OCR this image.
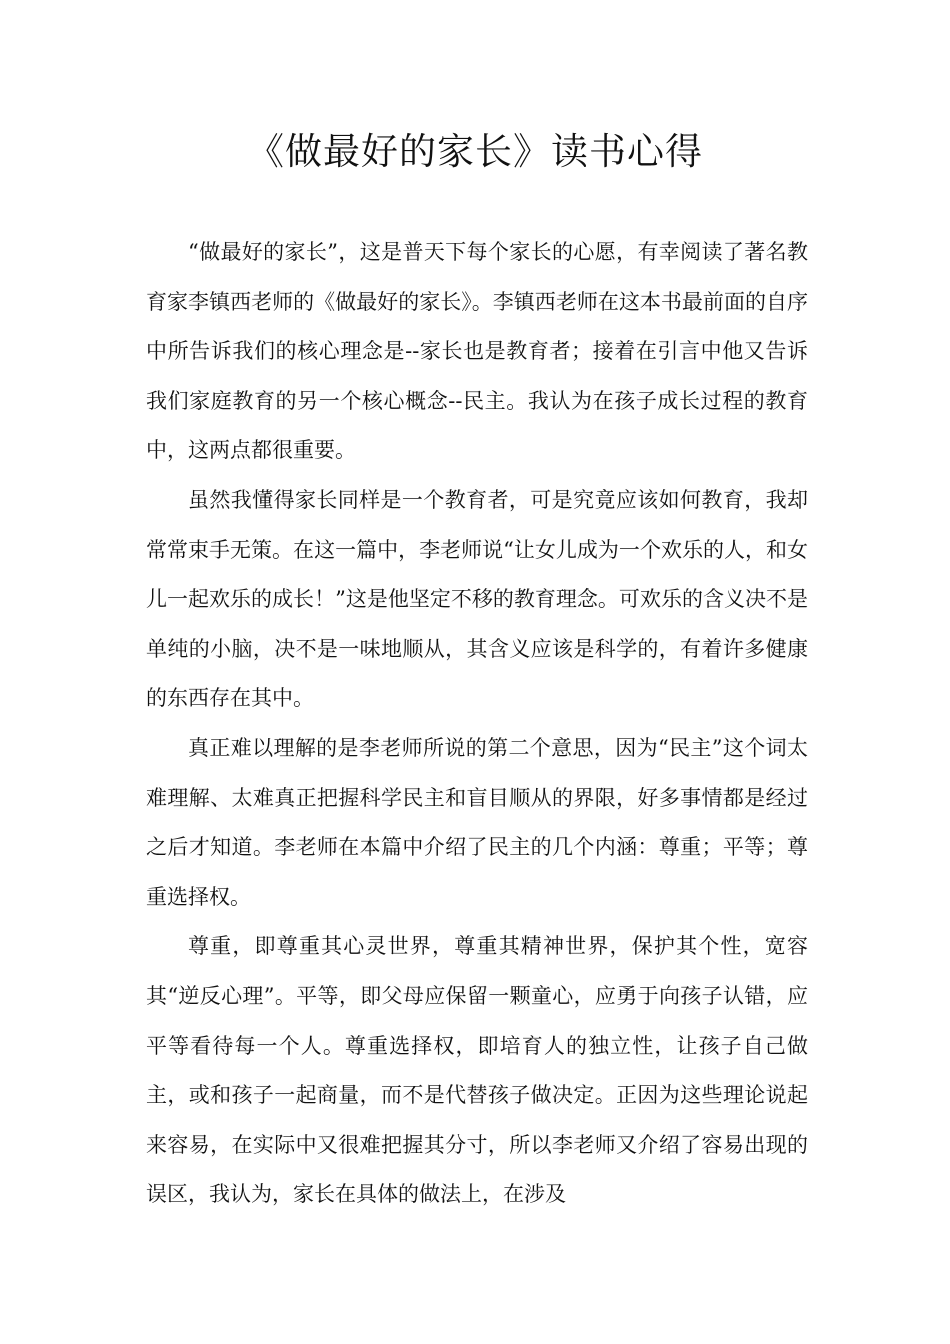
《做最好的家长》读书心得

“做最好的家长”，这是普天下每个家长的心愿，有幸阅读了著名教育家李镇西老师的《做最好的家长》。李镇西老师在这本书最前面的自序中所告诉我们的核心理念是--家长也是教育者；接着在引言中他又告诉我们家庭教育的另一个核心概念--民主。我认为在孩子成长过程的教育中，这两点都很重要。

虽然我懂得家长同样是一个教育者，可是究竟应该如何教育，我却常常束手无策。在这一篇中，李老师说“让女儿成为一个欢乐的人，和女儿一起欢乐的成长！”这是他坚定不移的教育理念。可欢乐的含义决不是单纯的小脑，决不是一味地顺从，其含义应该是科学的，有着许多健康的东西存在其中。

真正难以理解的是李老师所说的第二个意思，因为“民主”这个词太难理解、太难真正把握科学民主和盲目顺从的界限，好多事情都是经过之后才知道。李老师在本篇中介绍了民主的几个内涵：尊重；平等；尊重选择权。

尊重，即尊重其心灵世界，尊重其精神世界，保护其个性，宽容其“逆反心理”。平等，即父母应保留一颗童心，应勇于向孩子认错，应平等看待每一个人。尊重选择权，即培育人的独立性，让孩子自己做主，或和孩子一起商量，而不是代替孩子做决定。正因为这些理论说起来容易，在实际中又很难把握其分寸，所以李老师又介绍了容易出现的误区，我认为，家长在具体的做法上，在涉及
